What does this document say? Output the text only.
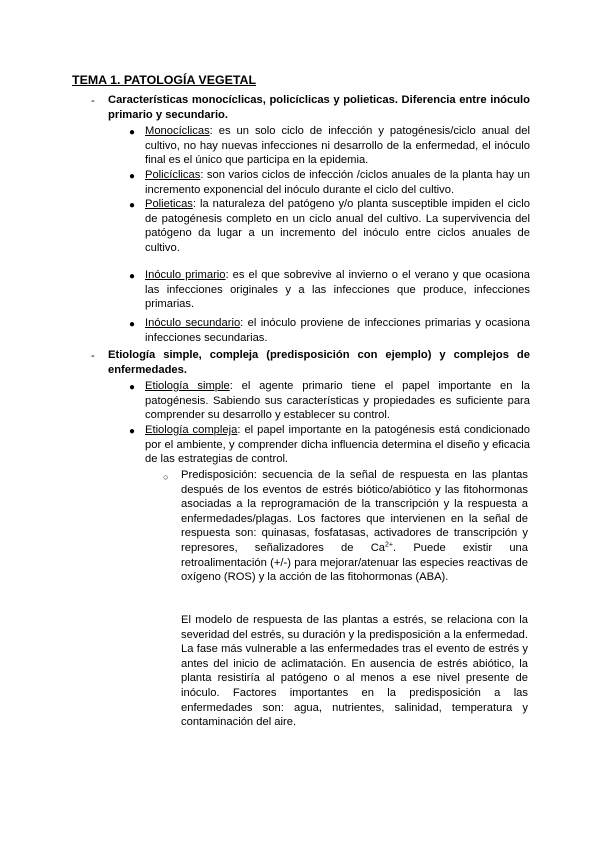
TEMA 1. PATOLOGÍA VEGETAL
- Características monocíclicas, policíclicas y polieticas. Diferencia entre inóculo primario y secundario.
● Monocíclicas: es un solo ciclo de infección y patogénesis/ciclo anual del cultivo, no hay nuevas infecciones ni desarrollo de la enfermedad, el inóculo final es el único que participa en la epidemia.
● Policíclicas: son varios ciclos de infección /ciclos anuales de la planta hay un incremento exponencial del inóculo durante el ciclo del cultivo.
● Polieticas: la naturaleza del patógeno y/o planta susceptible impiden el ciclo de patogénesis completo en un ciclo anual del cultivo. La supervivencia del patógeno da lugar a un incremento del inóculo entre ciclos anuales de cultivo.
● Inóculo primario: es el que sobrevive al invierno o el verano y que ocasiona las infecciones originales y a las infecciones que produce, infecciones primarias.
● Inóculo secundario: el inóculo proviene de infecciones primarias y ocasiona infecciones secundarias.
- Etiología simple, compleja (predisposición con ejemplo) y complejos de enfermedades.
● Etiología simple: el agente primario tiene el papel importante en la patogénesis. Sabiendo sus características y propiedades es suficiente para comprender su desarrollo y establecer su control.
● Etiología compleja: el papel importante en la patogénesis está condicionado por el ambiente, y comprender dicha influencia determina el diseño y eficacia de las estrategias de control.
○ Predisposición: secuencia de la señal de respuesta en las plantas después de los eventos de estrés biótico/abiótico y las fitohormonas asociadas a la reprogramación de la transcripción y la respuesta a enfermedades/plagas. Los factores que intervienen en la señal de respuesta son: quinasas, fosfatasas, activadores de transcripción y represores, señalizadores de $Ca^{2+}$. Puede existir una retroalimentación (+/-) para mejorar/atenuar las especies reactivas de oxígeno (ROS) y la acción de las fitohormonas (ABA).
El modelo de respuesta de las plantas a estrés, se relaciona con la severidad del estrés, su duración y la predisposición a la enfermedad. La fase más vulnerable a las enfermedades tras el evento de estrés y antes del inicio de aclimatación. En ausencia de estrés abiótico, la planta resistiría al patógeno o al menos a ese nivel presente de inóculo. Factores importantes en la predisposición a las enfermedades son: agua, nutrientes, salinidad, temperatura y contaminación del aire.
